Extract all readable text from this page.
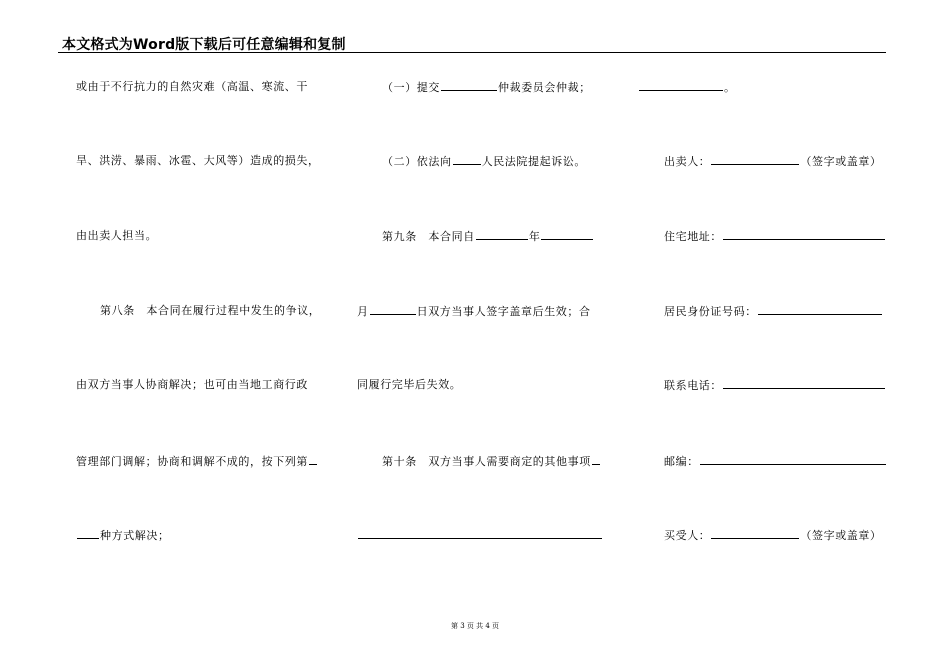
本文格式为Word版下载后可任意编辑和复制
或由于不行抗力的自然灾难（高温、寒流、干
旱、洪涝、暴雨、冰雹、大风等）造成的损失，
由出卖人担当。
第八条　本合同在履行过程中发生的争议，
由双方当事人协商解决；也可由当地工商行政
管理部门调解；协商和调解不成的，按下列第
种方式解决；
（一）提交	仲裁委员会仲裁；
（二）依法向	人民法院提起诉讼。
第九条　本合同自	年
月	日双方当事人签字盖章后生效；合
同履行完毕后失效。
第十条　双方当事人需要商定的其他事项
。
出卖人：	（签字或盖章）
住宅地址：
居民身份证号码：
联系电话：
邮编：
买受人：	（签字或盖章）
第 3 页 共 4 页
